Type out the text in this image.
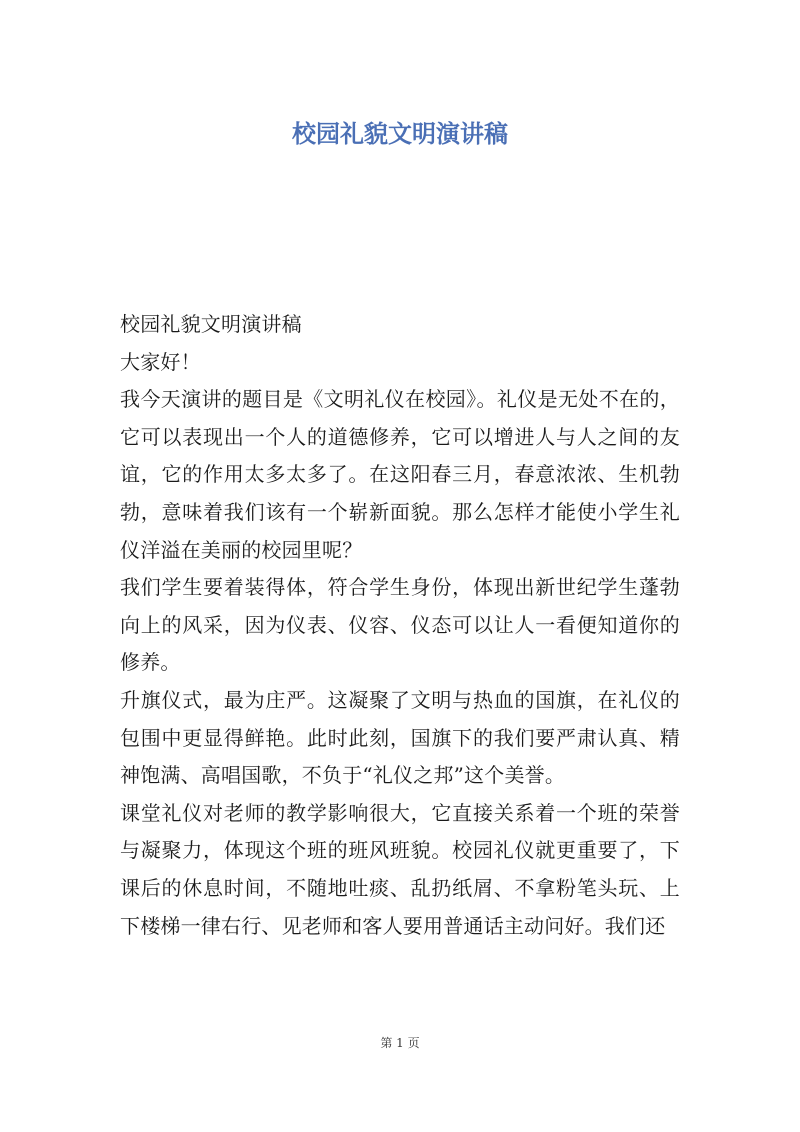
校园礼貌文明演讲稿

校园礼貌文明演讲稿

大家好！

我今天演讲的题目是《文明礼仪在校园》。礼仪是无处不在的，它可以表现出一个人的道德修养，它可以增进人与人之间的友谊，它的作用太多太多了。在这阳春三月，春意浓浓、生机勃勃，意味着我们该有一个崭新面貌。那么怎样才能使小学生礼仪洋溢在美丽的校园里呢？

我们学生要着装得体，符合学生身份，体现出新世纪学生蓬勃向上的风采，因为仪表、仪容、仪态可以让人一看便知道你的修养。

升旗仪式，最为庄严。这凝聚了文明与热血的国旗，在礼仪的包围中更显得鲜艳。此时此刻，国旗下的我们要严肃认真、精神饱满、高唱国歌，不负于“礼仪之邦”这个美誉。

课堂礼仪对老师的教学影响很大，它直接关系着一个班的荣誉与凝聚力，体现这个班的班风班貌。校园礼仪就更重要了，下课后的休息时间，不随地吐痰、乱扔纸屑、不拿粉笔头玩、上下楼梯一律右行、见老师和客人要用普通话主动问好。我们还

第 1 页
